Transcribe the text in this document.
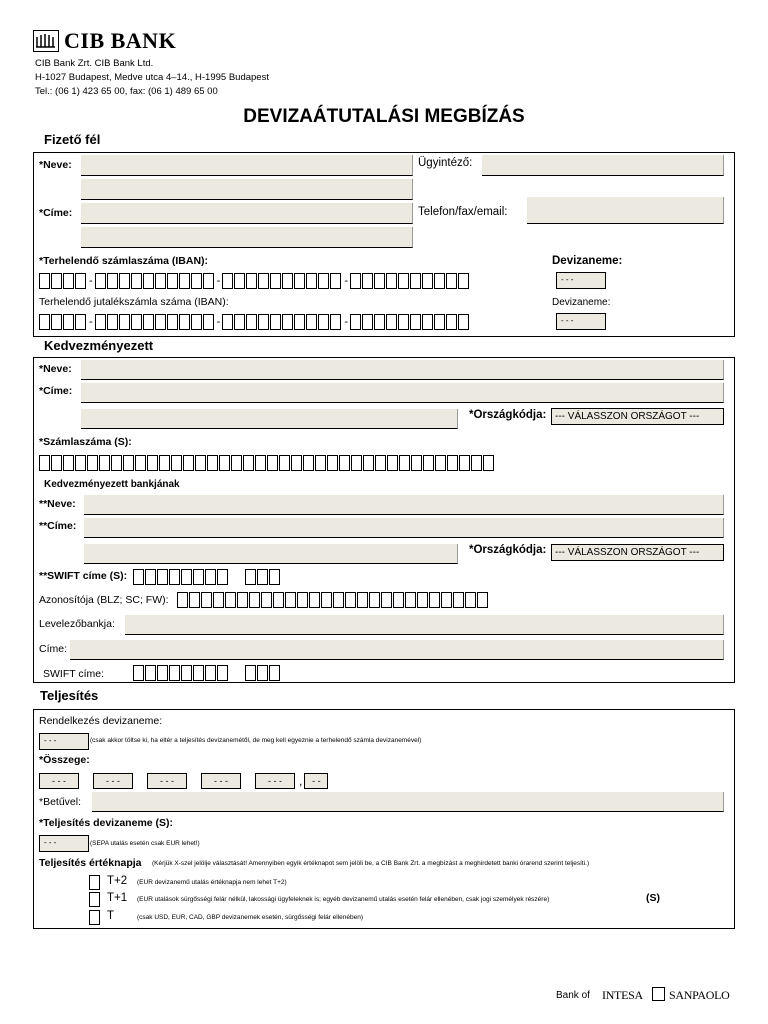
CIB BANK
CIB Bank Zrt. CIB Bank Ltd.
H-1027 Budapest, Medve utca 4–14., H-1995 Budapest
Tel.: (06 1) 423 65 00, fax: (06 1) 489 65 00
DEVIZAÁTUTALÁSI MEGBÍZÁS
Fizető fél
*Neve:	Ügyintéző:
*Címe:	Telefon/fax/email:
*Terhelendő számlaszáma (IBAN):
-	-	-
Devizaneme:
- - -
Terhelendő jutalékszámla száma (IBAN):
-	-	-
Devizaneme:
- - -
Kedvezményezett
*Neve:
*Címe:
*Országkódja: --- VÁLASSZON ORSZÁGOT ---
*Számlaszáma (S):
Kedvezményezett bankjának
**Neve:
**Címe:
*Országkódja: --- VÁLASSZON ORSZÁGOT ---
**SWIFT címe (S):
Azonosítója (BLZ; SC; FW):
Levelezőbankja:
Címe:
SWIFT címe:
Teljesítés
Rendelkezés devizaneme:
- - -	(csak akkor töltse ki, ha eltér a teljesítés devizanemétől, de meg kell egyeznie a terhelendő számla devizanemével)
*Összege:
- - -	- - -	- - -	- - -	- - -	,	- -
*Betűvel:
*Teljesítés devizaneme (S):
- - -	(SEPA utalás esetén csak EUR lehet!)
Teljesítés értéknapja (Kérjük X-szel jelölje választását! Amennyiben egyik értéknapot sem jelöli be, a CIB Bank Zrt. a megbízást a meghirdetett banki órarend szerint teljesíti.)
T+2 (EUR devizanemű utalás értéknapja nem lehet T+2)
T+1 (EUR utalások sürgősségi felár nélkül, lakossági ügyfeleknek is; egyéb devizanemű utalás esetén felár ellenében, csak jogi személyek részére)	(S)
T	(csak USD, EUR, CAD, GBP devizanemek esetén, sürgősségi felár ellenében)
Bank of INTESA SANPAOLO
